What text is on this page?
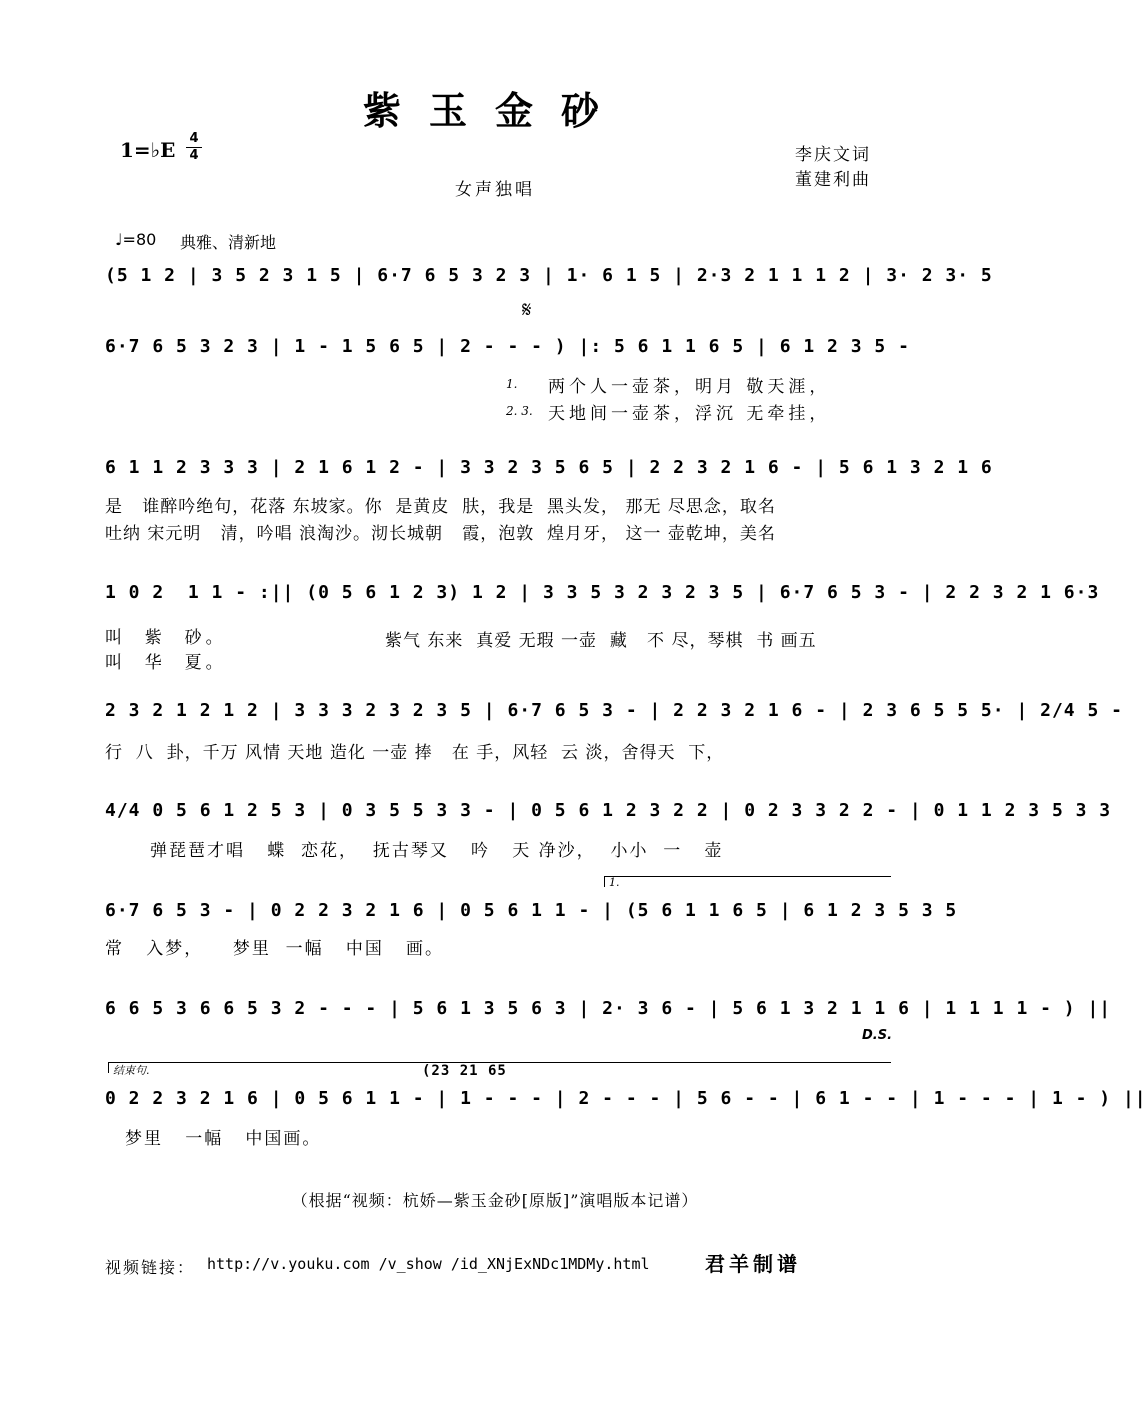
紫玉金砂
1=♭E 4
4	李庆文词
董建利曲
女声独唱
♩=80 典雅、清新地
(5 1 2 | 3 5 2 3 1 5 | 6·7 6 5 3 2 3 | 1· 6 1 5 | 2·3 2 1 1 1 2 | 3· 2 3· 5
𝄋
6·7 6 5 3 2 3 | 1 - 1 5 6 5 | 2 - - - ) |: 5 6 1 1 6 5 | 6 1 2 3 5 -
1. 两个人一壶茶，明月 敬天涯，
2. 3. 天地间一壶茶，浮沉 无牵挂，
6 1 1 2 3 3 3 | 2 1 6 1 2 - | 3 3 2 3 5 6 5 | 2 2 3 2 1 6 - | 5 6 1 3 2 1 6
是   谁醉吟绝句，花落 东坡家。你  是黄皮  肤，我是  黑头发， 那无 尽思念，取名
吐纳 宋元明   清，吟唱 浪淘沙。沏长城朝   霞，泡敦  煌月牙， 这一 壶乾坤，美名
1 0 2  1 1 - :|| (0 5 6 1 2 3) 1 2 | 3 3 5 3 2 3 2 3 5 | 6·7 6 5 3 - | 2 2 3 2 1 6·3
叫  紫  砂。
叫  华  夏。
紫气 东来  真爱 无瑕 一壶  藏   不 尽，琴棋  书 画五
2 3 2 1 2 1 2 | 3 3 3 2 3 2 3 5 | 6·7 6 5 3 - | 2 2 3 2 1 6 - | 2 3 6 5 5 5· | 2/4 5 -
行  八  卦，千万 风情 天地 造化 一壶 捧   在 手，风轻  云 淡，舍得天  下，
4/4 0 5 6 1 2 5 3 | 0 3 5 5 3 3 - | 0 5 6 1 2 3 2 2 | 0 2 3 3 2 2 - | 0 1 1 2 3 5 3 3
弹琵琶才唱   蝶  恋花，  抚古琴又   吟   天 净沙，  小小  一   壶
1.
6·7 6 5 3 - | 0 2 2 3 2 1 6 | 0 5 6 1 1 - | (5 6 1 1 6 5 | 6 1 2 3 5 3 5
常   入梦，    梦里  一幅   中国   画。
6 6 5 3 6 6 5 3 2 - - - | 5 6 1 3 5 6 3 | 2· 3 6 - | 5 6 1 3 2 1 1 6 | 1 1 1 1 - ) ||
D.S.
结束句.	(23 21 65
0 2 2 3 2 1 6 | 0 5 6 1 1 - | 1 - - - | 2 - - - | 5 6 - - | 6 1 - - | 1 - - - | 1 - ) ||
梦里   一幅   中国画。
（根据“视频：杭娇—紫玉金砂[原版]”演唱版本记谱）
视频链接： http://v.youku.com /v_show /id_XNjExNDc1MDMy.html	君羊制谱
